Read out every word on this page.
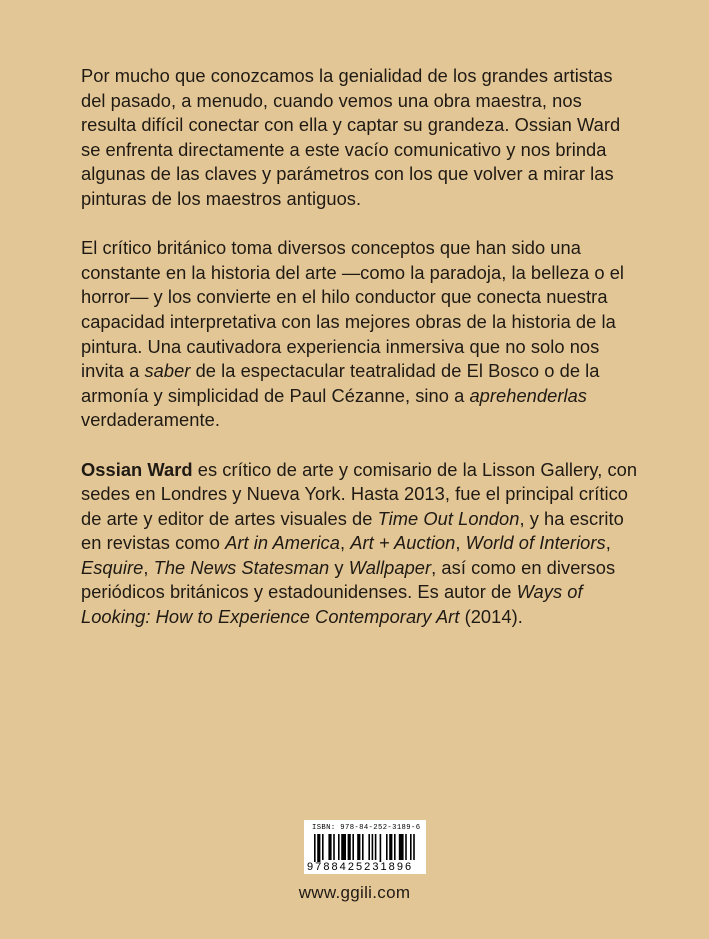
Por mucho que conozcamos la genialidad de los grandes artistas del pasado, a menudo, cuando vemos una obra maestra, nos resulta difícil conectar con ella y captar su grandeza. Ossian Ward se enfrenta directamente a este vacío comunicativo y nos brinda algunas de las claves y parámetros con los que volver a mirar las pinturas de los maestros antiguos.

El crítico británico toma diversos conceptos que han sido una constante en la historia del arte —como la paradoja, la belleza o el horror— y los convierte en el hilo conductor que conecta nuestra capacidad interpretativa con las mejores obras de la historia de la pintura. Una cautivadora experiencia inmersiva que no solo nos invita a saber de la espectacular teatralidad de El Bosco o de la armonía y simplicidad de Paul Cézanne, sino a aprehenderlas verdaderamente.

Ossian Ward es crítico de arte y comisario de la Lisson Gallery, con sedes en Londres y Nueva York. Hasta 2013, fue el principal crítico de arte y editor de artes visuales de Time Out London, y ha escrito en revistas como Art in America, Art + Auction, World of Interiors, Esquire, The News Statesman y Wallpaper, así como en diversos periódicos británicos y estadounidenses. Es autor de Ways of Looking: How to Experience Contemporary Art (2014).

ISBN: 978-84-252-3189-6
9788425231896
www.ggili.com
